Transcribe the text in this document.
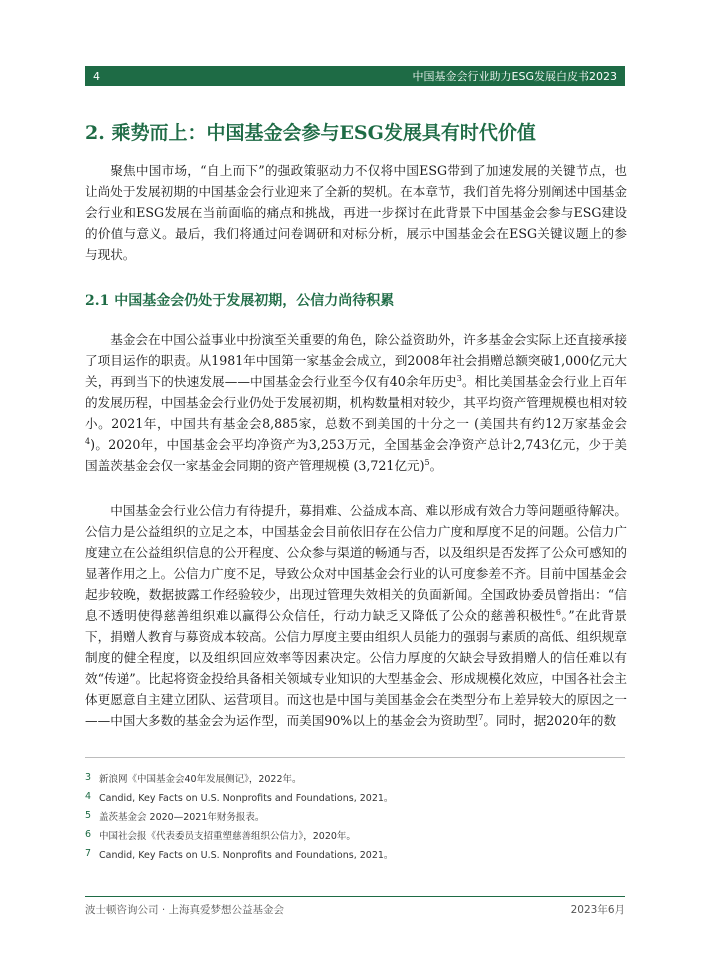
4	中国基金会行业助力ESG发展白皮书2023
2. 乘势而上：中国基金会参与ESG发展具有时代价值

聚焦中国市场，“自上而下”的强政策驱动力不仅将中国ESG带到了加速发展的关键节点，也让尚处于发展初期的中国基金会行业迎来了全新的契机。在本章节，我们首先将分别阐述中国基金会行业和ESG发展在当前面临的痛点和挑战，再进一步探讨在此背景下中国基金会参与ESG建设的价值与意义。最后，我们将通过问卷调研和对标分析，展示中国基金会在ESG关键议题上的参与现状。

2.1 中国基金会仍处于发展初期，公信力尚待积累

基金会在中国公益事业中扮演至关重要的角色，除公益资助外，许多基金会实际上还直接承接了项目运作的职责。从1981年中国第一家基金会成立，到2008年社会捐赠总额突破1,000亿元大关，再到当下的快速发展——中国基金会行业至今仅有40余年历史$^3$。相比美国基金会行业上百年的发展历程，中国基金会行业仍处于发展初期，机构数量相对较少，其平均资产管理规模也相对较小。2021年，中国共有基金会8,885家，总数不到美国的十分之一 (美国共有约12万家基金会$^4$)。2020年，中国基金会平均净资产为3,253万元，全国基金会净资产总计2,743亿元，少于美国盖茨基金会仅一家基金会同期的资产管理规模 (3,721亿元)$^5$。

中国基金会行业公信力有待提升，募捐难、公益成本高、难以形成有效合力等问题亟待解决。公信力是公益组织的立足之本，中国基金会目前依旧存在公信力广度和厚度不足的问题。公信力广度建立在公益组织信息的公开程度、公众参与渠道的畅通与否，以及组织是否发挥了公众可感知的显著作用之上。公信力广度不足，导致公众对中国基金会行业的认可度参差不齐。目前中国基金会起步较晚，数据披露工作经验较少，出现过管理失效相关的负面新闻。全国政协委员曾指出：“信息不透明使得慈善组织难以赢得公众信任，行动力缺乏又降低了公众的慈善积极性$^6$。”在此背景下，捐赠人教育与募资成本较高。公信力厚度主要由组织人员能力的强弱与素质的高低、组织规章制度的健全程度，以及组织回应效率等因素决定。公信力厚度的欠缺会导致捐赠人的信任难以有效“传递”。比起将资金投给具备相关领域专业知识的大型基金会、形成规模化效应，中国各社会主体更愿意自主建立团队、运营项目。而这也是中国与美国基金会在类型分布上差异较大的原因之一——中国大多数的基金会为运作型，而美国90%以上的基金会为资助型$^7$。同时，据2020年的数

3 新浪网《中国基金会40年发展侧记》，2022年。
4 Candid, Key Facts on U.S. Nonprofits and Foundations, 2021。
5 盖茨基金会 2020—2021年财务报表。
6 中国社会报《代表委员支招重塑慈善组织公信力》，2020年。
7 Candid, Key Facts on U.S. Nonprofits and Foundations, 2021。
波士顿咨询公司 · 上海真爱梦想公益基金会	2023年6月
